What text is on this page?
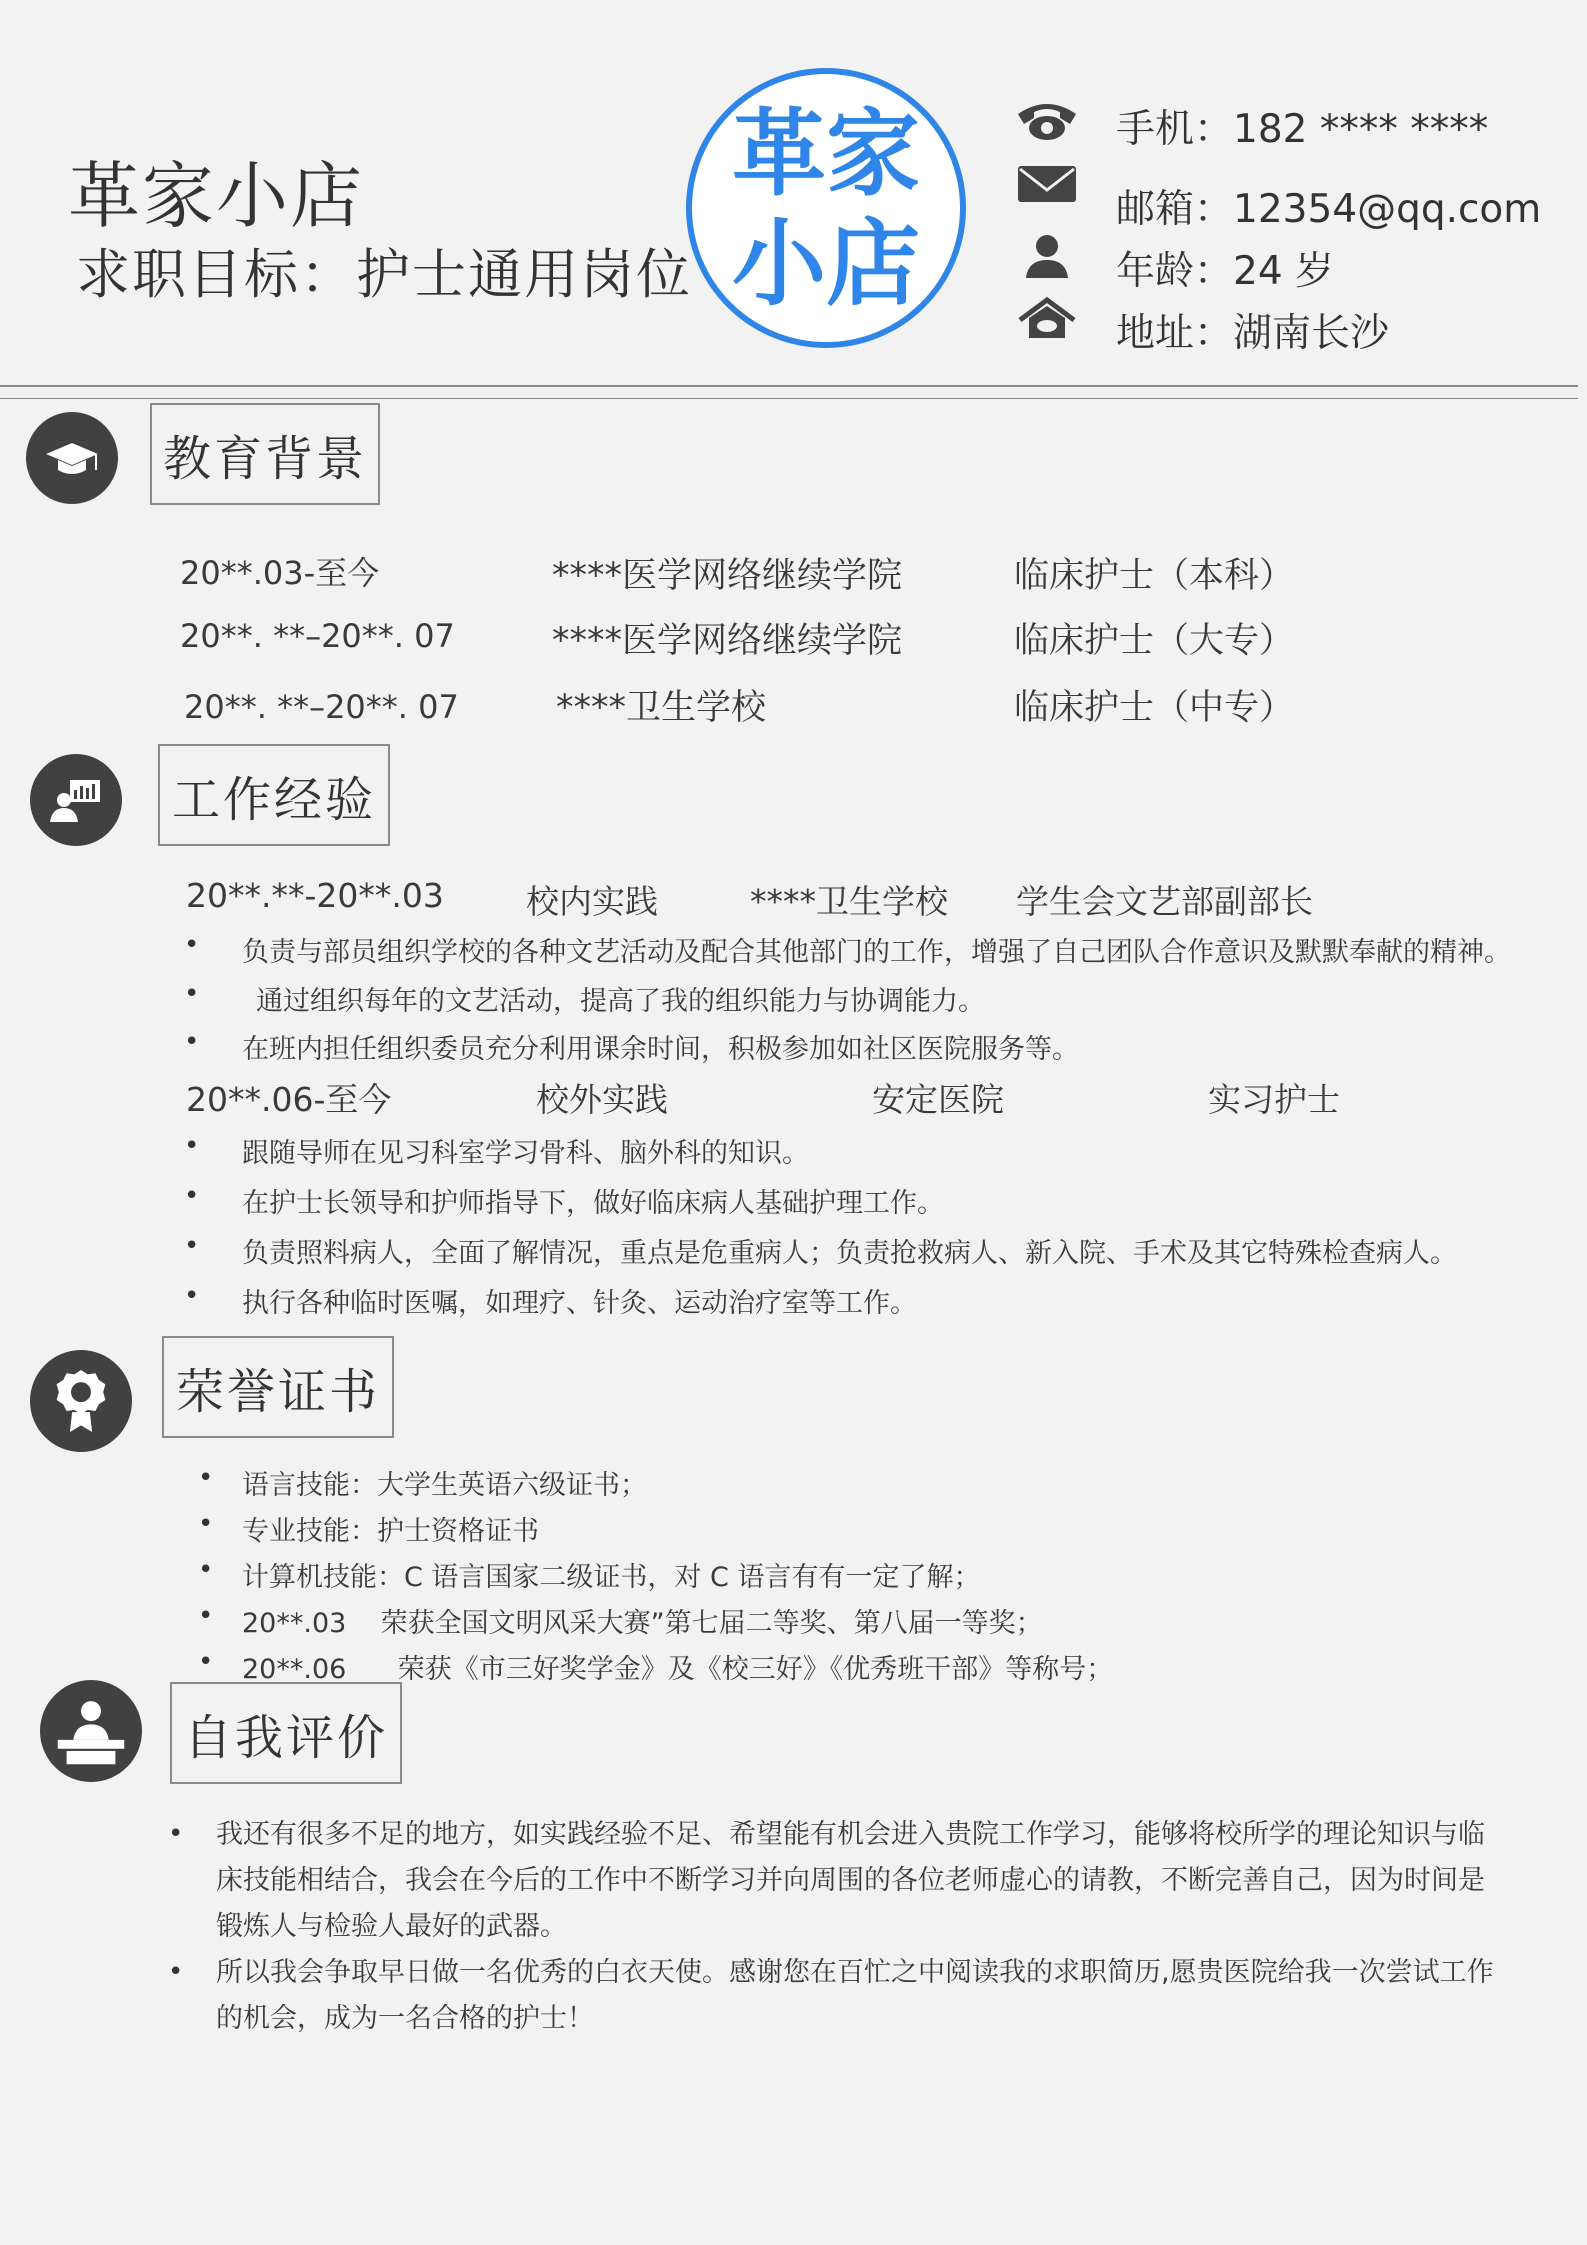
革家小店
求职目标：护士通用岗位
革家
小店
手机：182 **** ****
邮箱：12354@qq.com
年龄：24 岁
地址：湖南长沙
教育背景
20**.03-至今	****医学网络继续学院	临床护士（本科）
20**. **–20**. 07	****医学网络继续学院	临床护士（大专）
20**. **–20**. 07	****卫生学校	临床护士（中专）
工作经验
20**.**-20**.03 校内实践	****卫生学校 学生会文艺部副部长
• 负责与部员组织学校的各种文艺活动及配合其他部门的工作，增强了自己团队合作意识及默默奉献的精神。
• 通过组织每年的文艺活动，提高了我的组织能力与协调能力。
• 在班内担任组织委员充分利用课余时间，积极参加如社区医院服务等。
20**.06-至今	校外实践	安定医院	实习护士
• 跟随导师在见习科室学习骨科、脑外科的知识。
• 在护士长领导和护师指导下，做好临床病人基础护理工作。
• 负责照料病人，全面了解情况，重点是危重病人；负责抢救病人、新入院、手术及其它特殊检查病人。
• 执行各种临时医嘱，如理疗、针灸、运动治疗室等工作。
荣誉证书
• 语言技能：大学生英语六级证书；
• 专业技能：护士资格证书
• 计算机技能：C 语言国家二级证书，对 C 语言有有一定了解；
• 20**.03    荣获全国文明风采大赛”第七届二等奖、第八届一等奖；
• 20**.06      荣获《市三好奖学金》及《校三好》《优秀班干部》等称号；
自我评价
• 我还有很多不足的地方，如实践经验不足、希望能有机会进入贵院工作学习，能够将校所学的理论知识与临
床技能相结合，我会在今后的工作中不断学习并向周围的各位老师虚心的请教，不断完善自己，因为时间是
锻炼人与检验人最好的武器。
• 所以我会争取早日做一名优秀的白衣天使。感谢您在百忙之中阅读我的求职简历,愿贵医院给我一次尝试工作
的机会，成为一名合格的护士！
